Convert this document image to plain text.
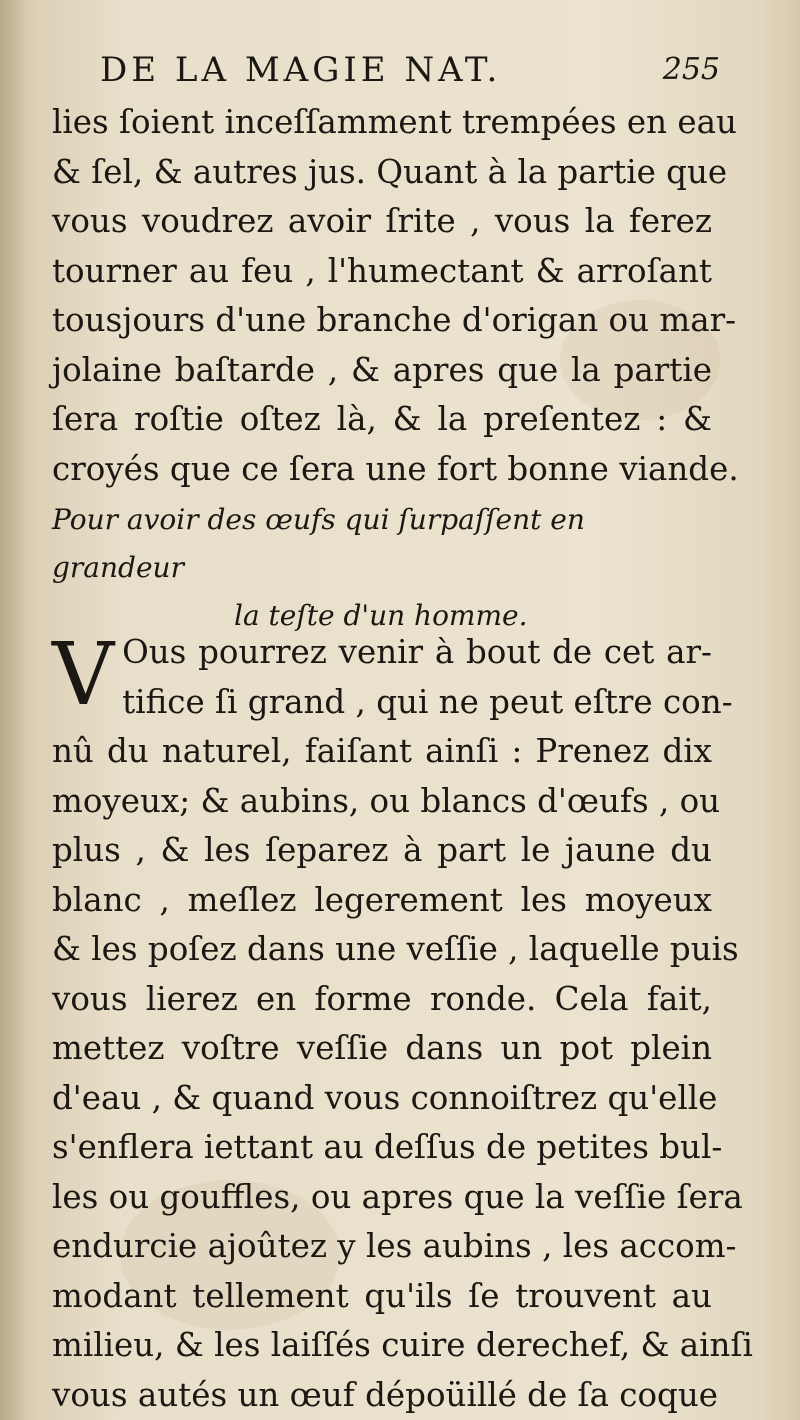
DE LA MAGIE NAT.	255
lies ſoient inceſſamment trempées en eau
& ſel, & autres jus. Quant à la partie que
vous voudrez avoir ſrite , vous la ferez
tourner au feu , l'humectant & arroſant
tousjours d'une branche d'origan ou mar-
jolaine baſtarde , & apres que la partie
ſera roſtie oſtez là, & la preſentez : &
croyés que ce ſera une fort bonne viande.
Pour avoir des œufs qui ſurpaſſent en grandeur
la teſte d'un homme.
V Ous pourrez venir à bout de cet ar-
tifice ſi grand , qui ne peut eſtre con-
nû du naturel, faiſant ainſi : Prenez dix
moyeux; & aubins, ou blancs d'œufs , ou
plus , & les ſeparez à part le jaune du
blanc , meſlez legerement les moyeux
& les poſez dans une veſſie , laquelle puis
vous lierez en forme ronde. Cela fait,
mettez voſtre veſſie dans un pot plein
d'eau , & quand vous connoiſtrez qu'elle
s'enflera iettant au deſſus de petites bul-
les ou gouffles, ou apres que la veſſie ſera
endurcie ajoûtez y les aubins , les accom-
modant tellement qu'ils ſe trouvent au
milieu, & les laiſſés cuire derechef, & ainſi
vous autés un œuf dépoüillé de ſa coque
